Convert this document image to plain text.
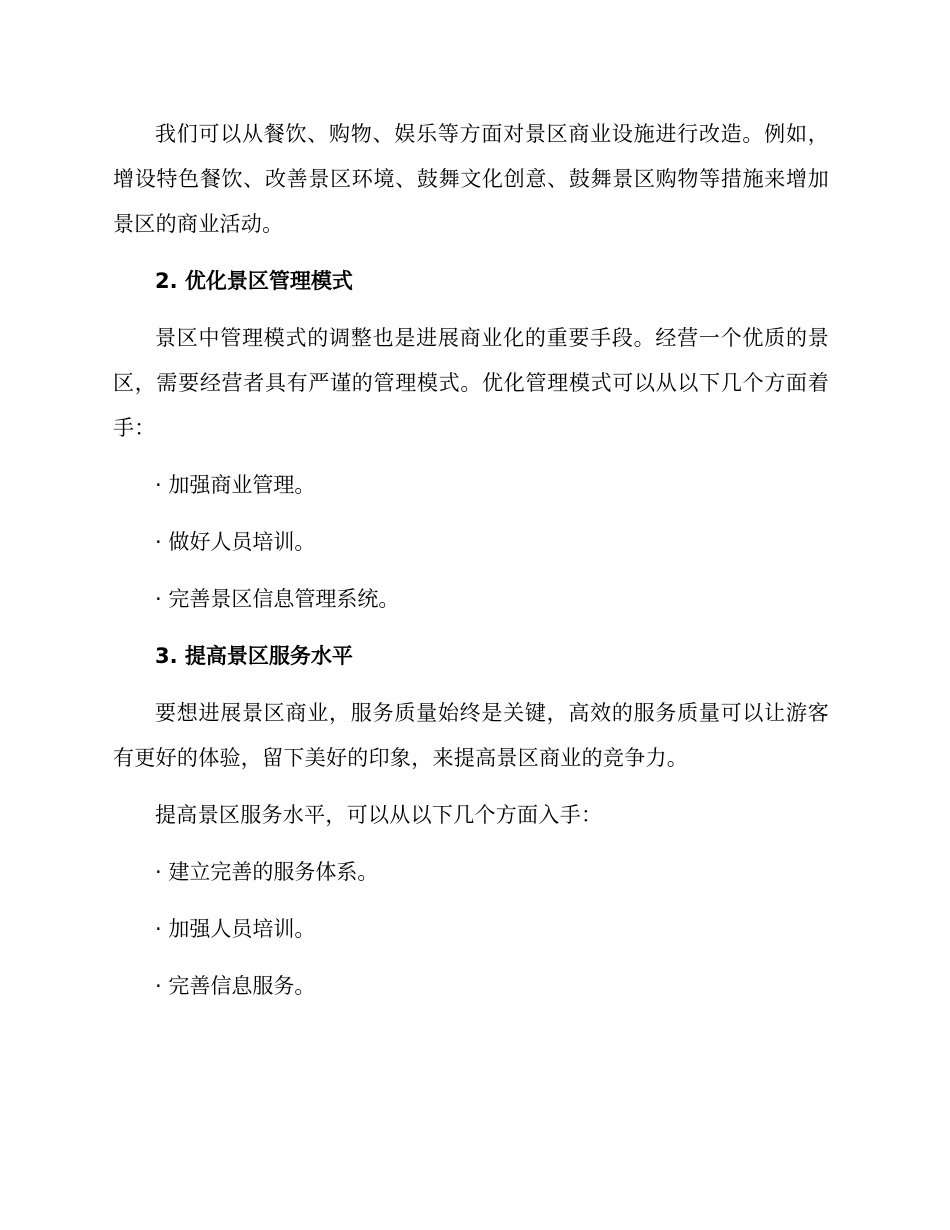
我们可以从餐饮、购物、娱乐等方面对景区商业设施进行改造。例如，增设特色餐饮、改善景区环境、鼓舞文化创意、鼓舞景区购物等措施来增加景区的商业活动。

2. 优化景区管理模式

景区中管理模式的调整也是进展商业化的重要手段。经营一个优质的景区，需要经营者具有严谨的管理模式。优化管理模式可以从以下几个方面着手：

· 加强商业管理。
· 做好人员培训。
· 完善景区信息管理系统。
3. 提高景区服务水平

要想进展景区商业，服务质量始终是关键，高效的服务质量可以让游客有更好的体验，留下美好的印象，来提高景区商业的竞争力。

提高景区服务水平，可以从以下几个方面入手：

· 建立完善的服务体系。
· 加强人员培训。
· 完善信息服务。
